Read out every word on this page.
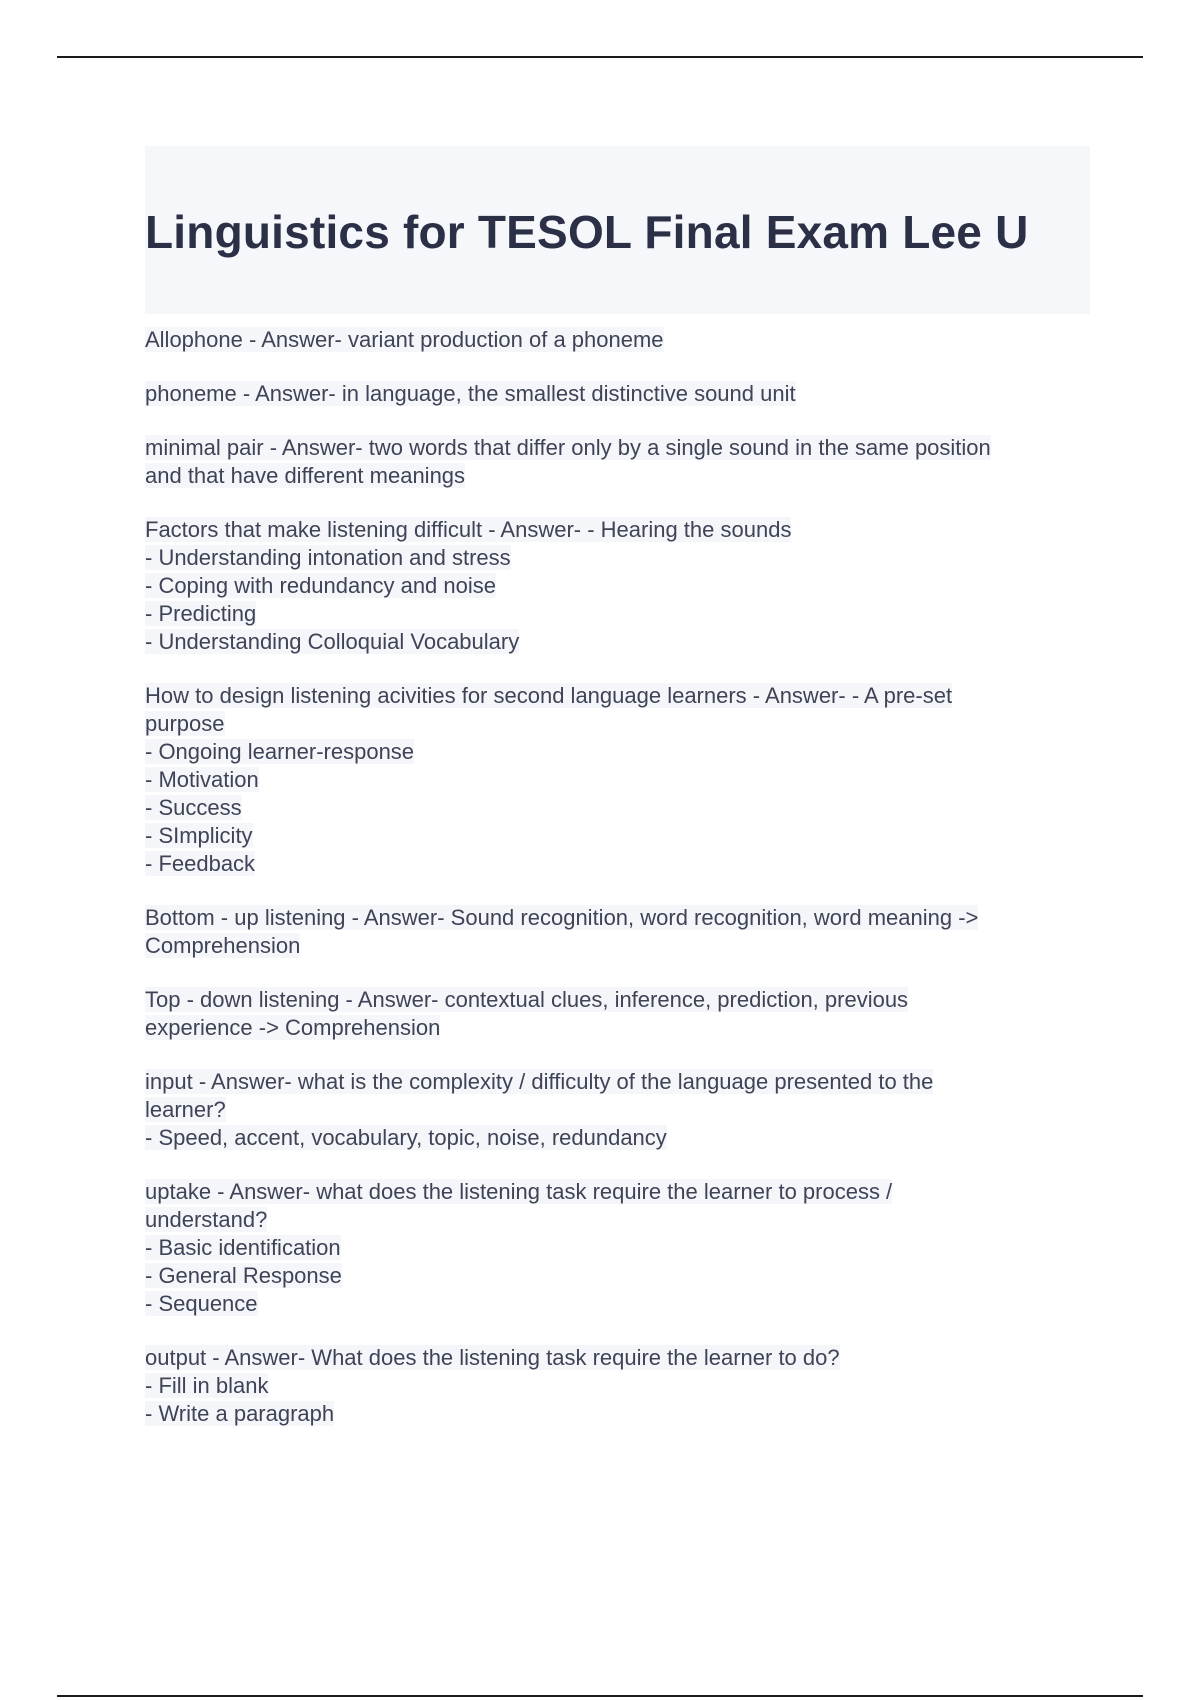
Linguistics for TESOL Final Exam Lee U
Allophone - Answer- variant production of a phoneme
phoneme - Answer- in language, the smallest distinctive sound unit
minimal pair - Answer- two words that differ only by a single sound in the same position
and that have different meanings
Factors that make listening difficult - Answer- - Hearing the sounds
- Understanding intonation and stress
- Coping with redundancy and noise
- Predicting
- Understanding Colloquial Vocabulary
How to design listening acivities for second language learners - Answer- - A pre-set
purpose
- Ongoing learner-response
- Motivation
- Success
- SImplicity
- Feedback
Bottom - up listening - Answer- Sound recognition, word recognition, word meaning ->
Comprehension
Top - down listening - Answer- contextual clues, inference, prediction, previous
experience -> Comprehension
input - Answer- what is the complexity / difficulty of the language presented to the
learner?
- Speed, accent, vocabulary, topic, noise, redundancy
uptake - Answer- what does the listening task require the learner to process /
understand?
- Basic identification
- General Response
- Sequence
output - Answer- What does the listening task require the learner to do?
- Fill in blank
- Write a paragraph
